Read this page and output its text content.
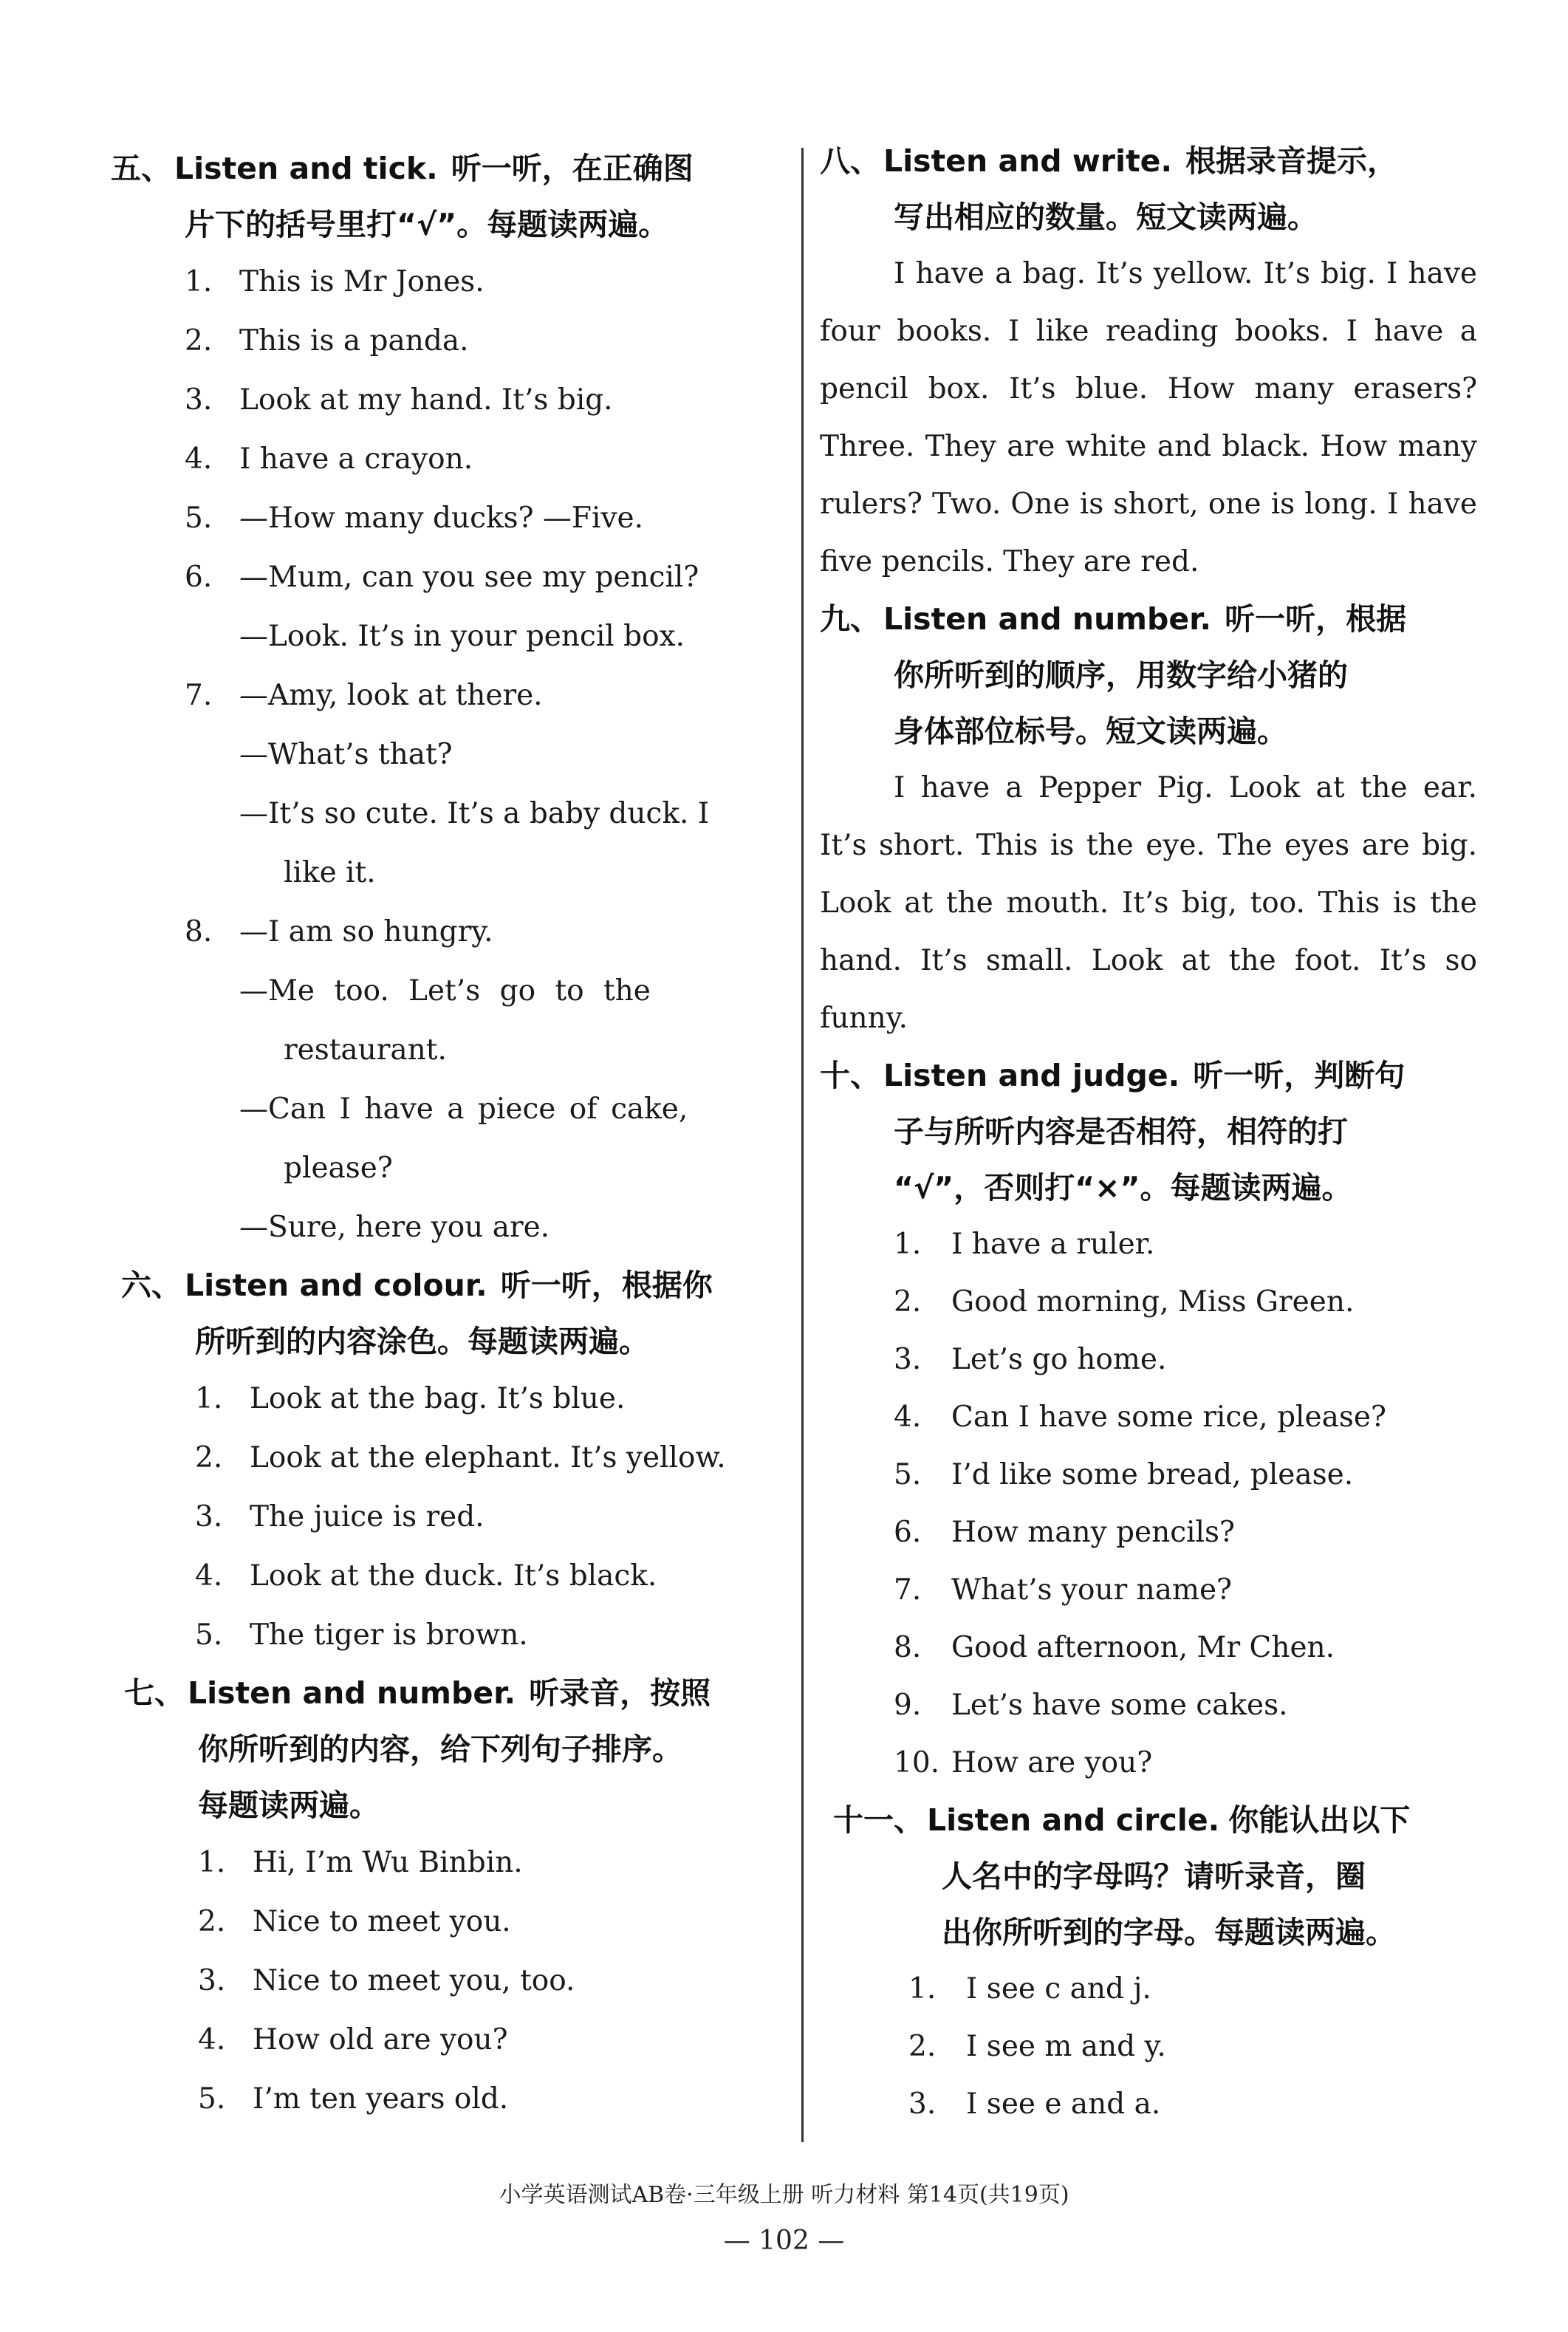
五、Listen and tick. 听一听，在正确图
片下的括号里打“√”。每题读两遍。
1. This is Mr Jones.
2. This is a panda.
3. Look at my hand. It’s big.
4. I have a crayon.
5. —How many ducks? —Five.
6. —Mum, can you see my pencil?
—Look. It’s in your pencil box.
7. —Amy, look at there.
—What’s that?
—It’s so cute. It’s a baby duck. I
like it.
8. —I am so hungry.
—Me too. Let’s go to the
restaurant.
—Can I have a piece of cake,
please?
—Sure, here you are.
六、Listen and colour. 听一听，根据你
所听到的内容涂色。每题读两遍。
1. Look at the bag. It’s blue.
2. Look at the elephant. It’s yellow.
3. The juice is red.
4. Look at the duck. It’s black.
5. The tiger is brown.
七、Listen and number. 听录音，按照
你所听到的内容，给下列句子排序。
每题读两遍。
1. Hi, I’m Wu Binbin.
2. Nice to meet you.
3. Nice to meet you, too.
4. How old are you?
5. I’m ten years old.
八、Listen and write. 根据录音提示，
写出相应的数量。短文读两遍。
I have a bag. It’s yellow. It’s big. I have four books. I like reading books. I have a pencil box. It’s blue. How many erasers? Three. They are white and black. How many rulers? Two. One is short, one is long. I have five pencils. They are red.
九、Listen and number. 听一听，根据
你所听到的顺序，用数字给小猪的
身体部位标号。短文读两遍。
I have a Pepper Pig. Look at the ear. It’s short. This is the eye. The eyes are big. Look at the mouth. It’s big, too. This is the hand. It’s small. Look at the foot. It’s so funny.
十、Listen and judge. 听一听，判断句
子与所听内容是否相符，相符的打
“√”，否则打“×”。每题读两遍。
1. I have a ruler.
2. Good morning, Miss Green.
3. Let’s go home.
4. Can I have some rice, please?
5. I’d like some bread, please.
6. How many pencils?
7. What’s your name?
8. Good afternoon, Mr Chen.
9. Let’s have some cakes.
10. How are you?
十一、Listen and circle. 你能认出以下
人名中的字母吗？请听录音，圈
出你所听到的字母。每题读两遍。
1. I see c and j.
2. I see m and y.
3. I see e and a.
小学英语测试AB卷·三年级上册 听力材料 第14页(共19页)
— 102 —
